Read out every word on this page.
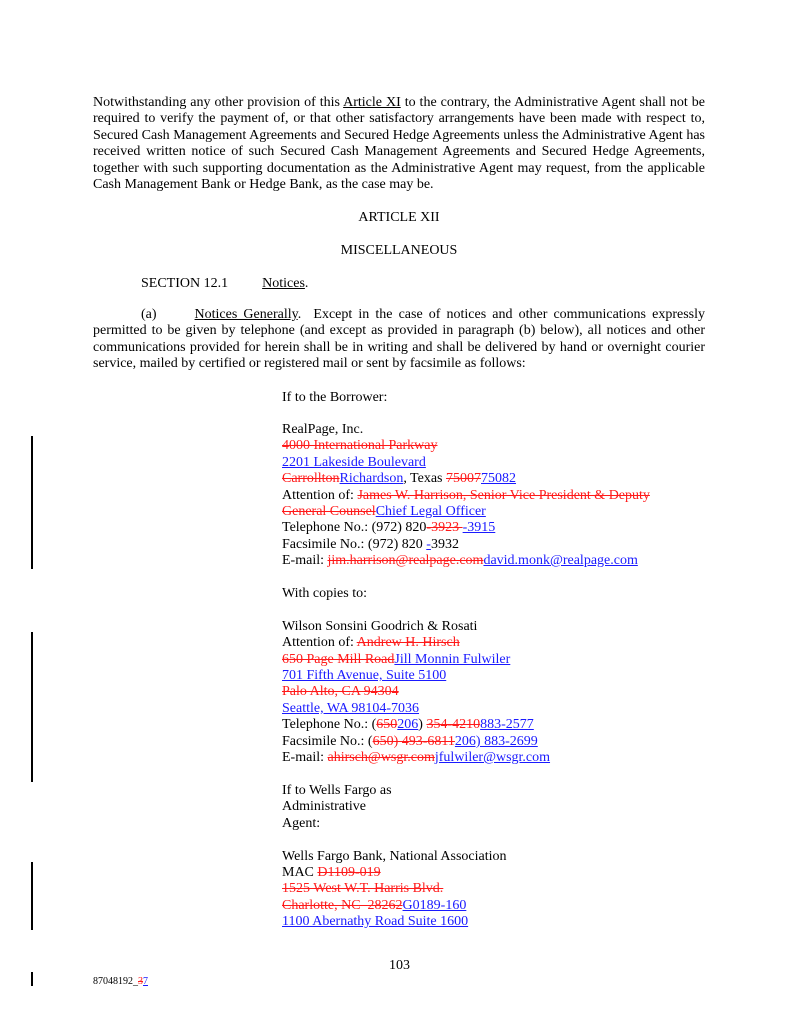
Notwithstanding any other provision of this Article XI to the contrary, the Administrative Agent shall not be required to verify the payment of, or that other satisfactory arrangements have been made with respect to, Secured Cash Management Agreements and Secured Hedge Agreements unless the Administrative Agent has received written notice of such Secured Cash Management Agreements and Secured Hedge Agreements, together with such supporting documentation as the Administrative Agent may request, from the applicable Cash Management Bank or Hedge Bank, as the case may be.

ARTICLE XII

MISCELLANEOUS

SECTION 12.1 Notices.

(a)	Notices Generally.  Except in the case of notices and other communications expressly permitted to be given by telephone (and except as provided in paragraph (b) below), all notices and other communications provided for herein shall be in writing and shall be delivered by hand or overnight courier service, mailed by certified or registered mail or sent by facsimile as follows:

If to the Borrower:

RealPage, Inc.

4000 International Parkway

2201 Lakeside Boulevard

CarrolltonRichardson, Texas 7500775082

Attention of: James W. Harrison, Senior Vice President & Deputy

General CounselChief Legal Officer

Telephone No.: (972) 820-3923 -3915

Facsimile No.: (972) 820 -3932

E-mail: jim.harrison@realpage.comdavid.monk@realpage.com

With copies to:

Wilson Sonsini Goodrich & Rosati

Attention of: Andrew H. Hirsch

650 Page Mill RoadJill Monnin Fulwiler

701 Fifth Avenue, Suite 5100

Palo Alto, CA 94304

Seattle, WA 98104-7036

Telephone No.: (650206) 354-4210883-2577

Facsimile No.: (650) 493-6811206) 883-2699

E-mail: ahirsch@wsgr.comjfulwiler@wsgr.com

If to Wells Fargo as

Administrative

Agent:

Wells Fargo Bank, National Association

MAC D1109-019

1525 West W.T. Harris Blvd.

Charlotte, NC  28262G0189-160

1100 Abernathy Road Suite 1600

103
87048192_37
